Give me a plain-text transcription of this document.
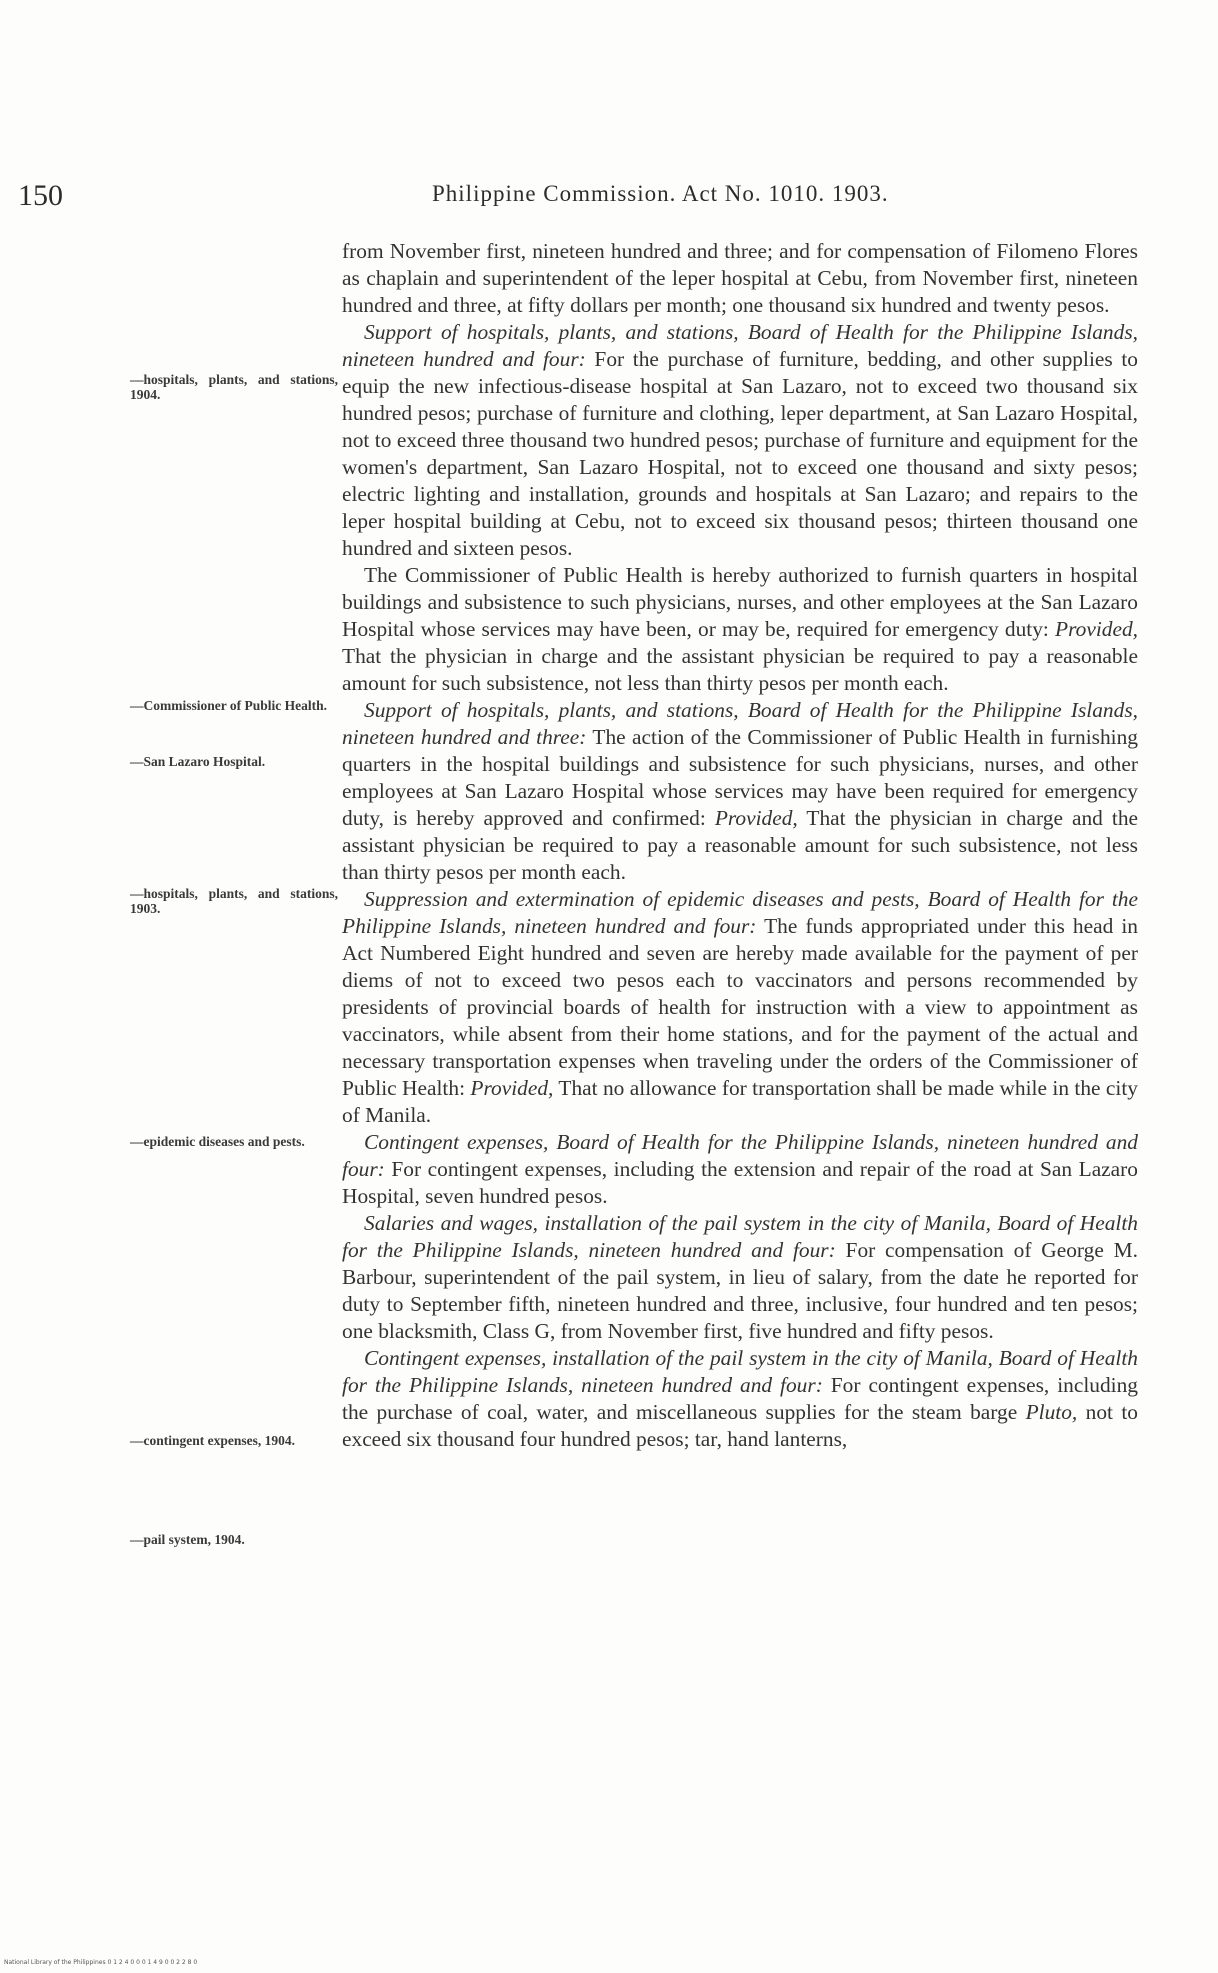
150	Philippine Commission. Act No. 1010. 1903.
—hospitals, plants, and stations, 1904.
—Commissioner of Public Health.
—San Lazaro Hospital.
—hospitals, plants, and stations, 1903.
—epidemic diseases and pests.
—contingent expenses, 1904.
—pail system, 1904.

from November first, nineteen hundred and three; and for compensation of Filomeno Flores as chaplain and superintendent of the leper hospital at Cebu, from November first, nineteen hundred and three, at fifty dollars per month; one thousand six hundred and twenty pesos.

Support of hospitals, plants, and stations, Board of Health for the Philippine Islands, nineteen hundred and four: For the purchase of furniture, bedding, and other supplies to equip the new infectious-disease hospital at San Lazaro, not to exceed two thousand six hundred pesos; purchase of furniture and clothing, leper department, at San Lazaro Hospital, not to exceed three thousand two hundred pesos; purchase of furniture and equipment for the women's department, San Lazaro Hospital, not to exceed one thousand and sixty pesos; electric lighting and installation, grounds and hospitals at San Lazaro; and repairs to the leper hospital building at Cebu, not to exceed six thousand pesos; thirteen thousand one hundred and sixteen pesos.

The Commissioner of Public Health is hereby authorized to furnish quarters in hospital buildings and subsistence to such physicians, nurses, and other employees at the San Lazaro Hospital whose services may have been, or may be, required for emergency duty: Provided, That the physician in charge and the assistant physician be required to pay a reasonable amount for such subsistence, not less than thirty pesos per month each.

Support of hospitals, plants, and stations, Board of Health for the Philippine Islands, nineteen hundred and three: The action of the Commissioner of Public Health in furnishing quarters in the hospital buildings and subsistence for such physicians, nurses, and other employees at San Lazaro Hospital whose services may have been required for emergency duty, is hereby approved and confirmed: Provided, That the physician in charge and the assistant physician be required to pay a reasonable amount for such subsistence, not less than thirty pesos per month each.

Suppression and extermination of epidemic diseases and pests, Board of Health for the Philippine Islands, nineteen hundred and four: The funds appropriated under this head in Act Numbered Eight hundred and seven are hereby made available for the payment of per diems of not to exceed two pesos each to vaccinators and persons recommended by presidents of provincial boards of health for instruction with a view to appointment as vaccinators, while absent from their home stations, and for the payment of the actual and necessary transportation expenses when traveling under the orders of the Commissioner of Public Health: Provided, That no allowance for transportation shall be made while in the city of Manila.

Contingent expenses, Board of Health for the Philippine Islands, nineteen hundred and four: For contingent expenses, including the extension and repair of the road at San Lazaro Hospital, seven hundred pesos.

Salaries and wages, installation of the pail system in the city of Manila, Board of Health for the Philippine Islands, nineteen hundred and four: For compensation of George M. Barbour, superintendent of the pail system, in lieu of salary, from the date he reported for duty to September fifth, nineteen hundred and three, inclusive, four hundred and ten pesos; one blacksmith, Class G, from November first, five hundred and fifty pesos.

Contingent expenses, installation of the pail system in the city of Manila, Board of Health for the Philippine Islands, nineteen hundred and four: For contingent expenses, including the purchase of coal, water, and miscellaneous supplies for the steam barge Pluto, not to exceed six thousand four hundred pesos; tar, hand lanterns,

National Library of the Philippines 0 1 2 4 0 0 0 1 4 9 0 0 2 2 8 0
